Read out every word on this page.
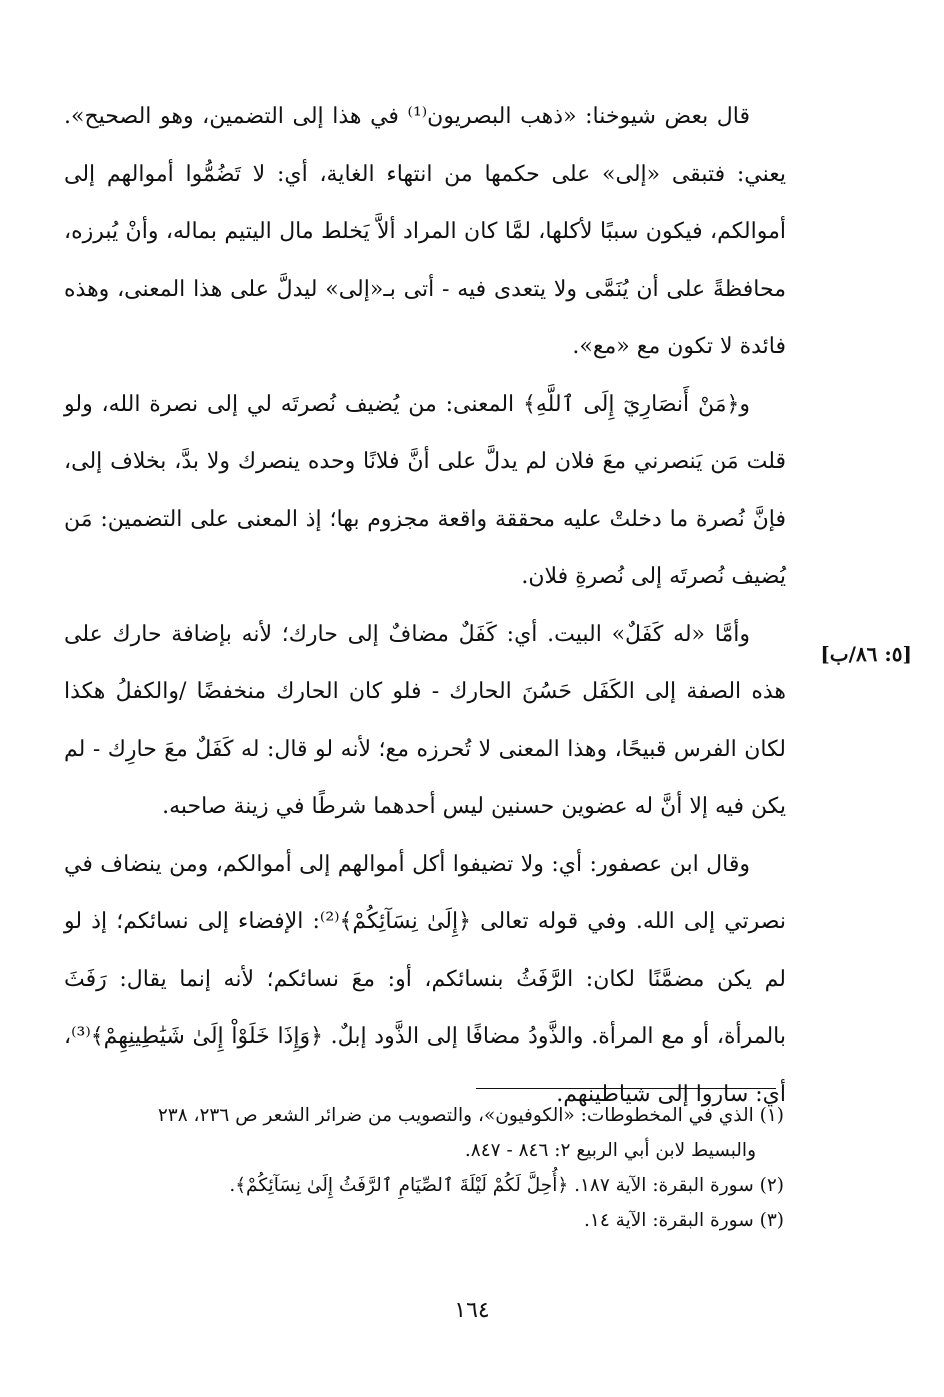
قال بعض شيوخنا: «ذهب البصريون⁽¹⁾ في هذا إلى التضمين، وهو الصحيح». يعني: فتبقى «إلى» على حكمها من انتهاء الغاية، أي: لا تَضُمُّوا أموالهم إلى أموالكم، فيكون سببًا لأكلها، لمَّا كان المراد ألاَّ يَخلط مال اليتيم بماله، وأنْ يُبرزه، محافظةً على أن يُنَمَّى ولا يتعدى فيه - أتى بـ«إلى» ليدلَّ على هذا المعنى، وهذه فائدة لا تكون مع «مع».

و﴿مَنْ أَنصَارِيٓ إِلَى ٱللَّهِ﴾ المعنى: من يُضيف نُصرتَه لي إلى نصرة الله، ولو قلت مَن يَنصرني معَ فلان لم يدلَّ على أنَّ فلانًا وحده ينصرك ولا بدَّ، بخلاف إلى، فإنَّ نُصرة ما دخلتْ عليه محققة واقعة مجزوم بها؛ إذ المعنى على التضمين: مَن يُضيف نُصرتَه إلى نُصرةِ فلان.

وأمَّا «له كَفَلٌ» البيت. أي: كَفَلٌ مضافٌ إلى حارك؛ لأنه بإضافة حارك على هذه الصفة إلى الكَفَل حَسُنَ الحارك - فلو كان الحارك منخفضًا /والكفلُ هكذا لكان الفرس قبيحًا، وهذا المعنى لا تُحرزه مع؛ لأنه لو قال: له كَفَلٌ معَ حارِك - لم يكن فيه إلا أنَّ له عضوين حسنين ليس أحدهما شرطًا في زينة صاحبه.

وقال ابن عصفور: أي: ولا تضيفوا أكل أموالهم إلى أموالكم، ومن ينضاف في نصرتي إلى الله. وفي قوله تعالى ﴿إِلَىٰ نِسَآئِكُمْ﴾⁽²⁾: الإفضاء إلى نسائكم؛ إذ لو لم يكن مضمَّنًا لكان: الرَّفَثُ بنسائكم، أو: معَ نسائكم؛ لأنه إنما يقال: رَفَثَ بالمرأة، أو مع المرأة. والذَّودُ مضافًا إلى الذَّود إبلٌ. ﴿وَإِذَا خَلَوْاْ إِلَىٰ شَيَٰطِينِهِمْ﴾⁽³⁾، أي: ساروا إلى شياطينهم.

[٥: ٨٦/ب]

(١) الذي في المخطوطات: «الكوفيون»، والتصويب من ضرائر الشعر ص ٢٣٦، ٢٣٨

والبسيط لابن أبي الربيع ٢: ٨٤٦ - ٨٤٧.

(٢) سورة البقرة: الآية ١٨٧. ﴿أُحِلَّ لَكُمْ لَيْلَةَ ٱلصِّيَامِ ٱلرَّفَثُ إِلَىٰ نِسَآئِكُمْ﴾.

(٣) سورة البقرة: الآية ١٤.

١٦٤
